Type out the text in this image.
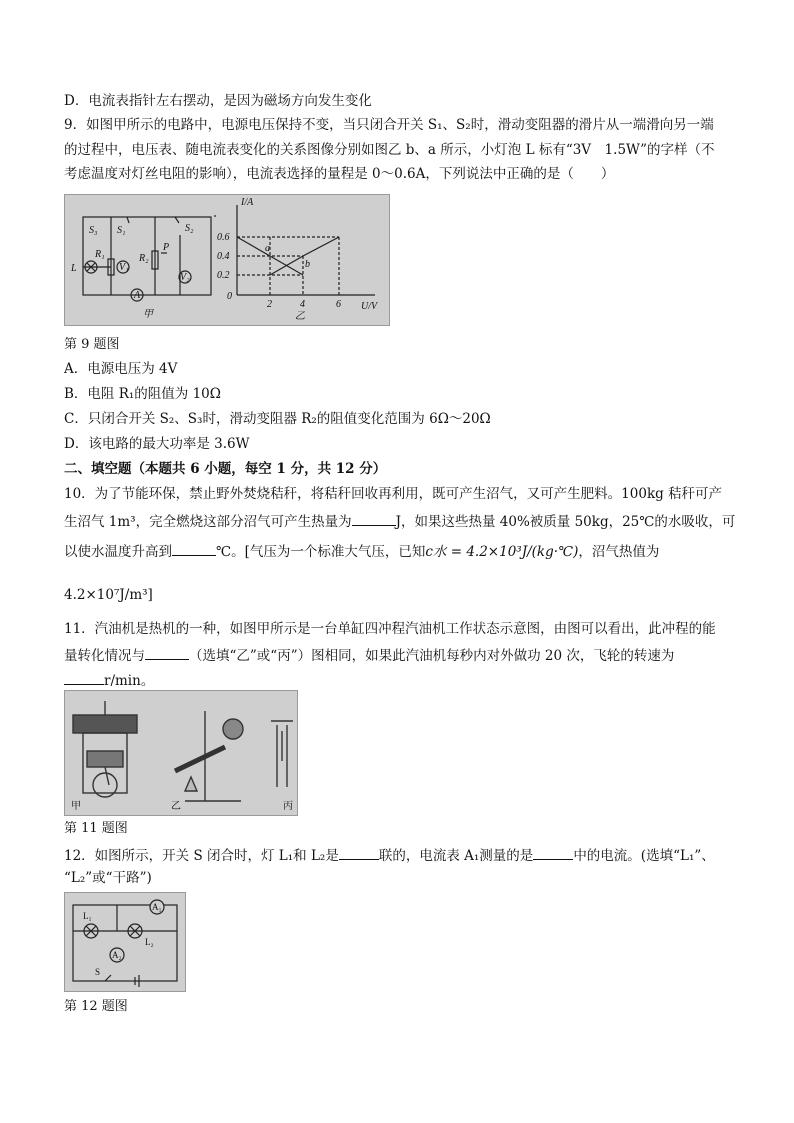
D．电流表指针左右摆动，是因为磁场方向发生变化
9．如图甲所示的电路中，电源电压保持不变，当只闭合开关 S₁、S₂时，滑动变阻器的滑片从一端滑向另一端
的过程中，电压表、随电流表变化的关系图像分别如图乙 b、a 所示，小灯泡 L 标有“3V　1.5W”的字样（不
考虑温度对灯丝电阻的影响），电流表选择的量程是 0～0.6A，下列说法中正确的是（　　）
S₃ S₁	S₂
L
R₁
V₁
R₂
P
V₂
A
甲
I/A
U/V
0.6
0.4
0.2
0
2	4	6
a
b
乙
第 9 题图
A．电源电压为 4V
B．电阻 R₁的阻值为 10Ω
C．只闭合开关 S₂、S₃时，滑动变阻器 R₂的阻值变化范围为 6Ω～20Ω
D．该电路的最大功率是 3.6W
二、填空题（本题共 6 小题，每空 1 分，共 12 分）
10．为了节能环保，禁止野外焚烧秸秆，将秸秆回收再利用，既可产生沼气，又可产生肥料。100kg 秸秆可产
生沼气 1m³，完全燃烧这部分沼气可产生热量为	J，如果这些热量 40%被质量 50kg，25℃的水吸收，可
以使水温度升高到	℃。[气压为一个标准大气压，已知c水 = 4.2×10³J/(kg·℃)，沼气热值为
4.2×10⁷J/m³]
11．汽油机是热机的一种，如图甲所示是一台单缸四冲程汽油机工作状态示意图，由图可以看出，此冲程的能
量转化情况与	（选填“乙”或“丙”）图相同，如果此汽油机每秒内对外做功 20 次，飞轮的转速为
r/min。
甲	乙	丙
第 11 题图
12．如图所示，开关 S 闭合时，灯 L₁和 L₂是	联的，电流表 A₁测量的是	中的电流。(选填“L₁”、
“L₂”或“干路”)
L₁
L₂
A₁
A₂
S
第 12 题图
